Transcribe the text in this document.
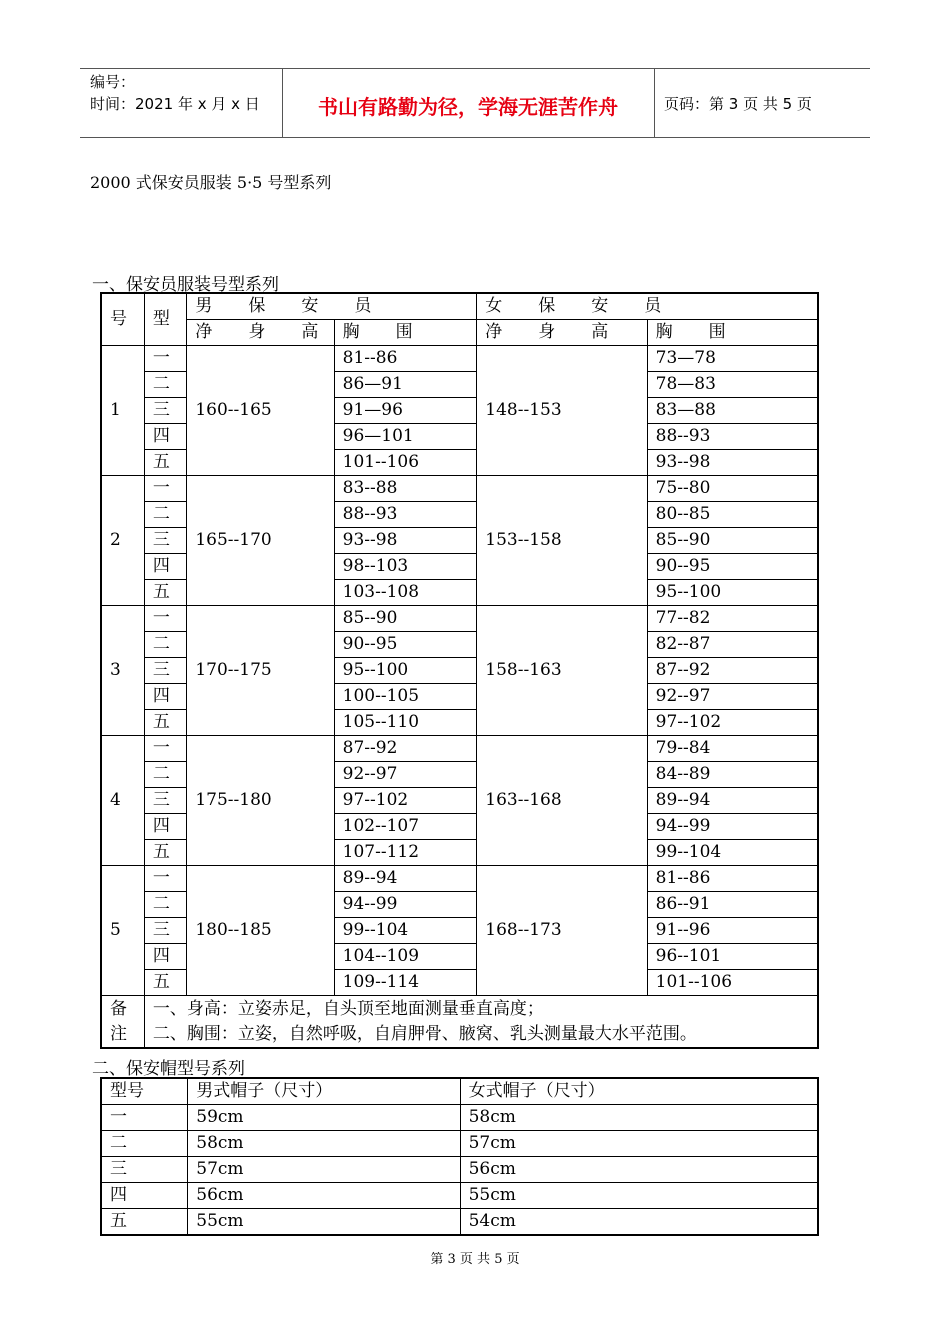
编号：
时间：2021 年 x 月 x 日	书山有路勤为径，学海无涯苦作舟	页码：第 3 页 共 5 页
2000 式保安员服装 5·5 号型系列
一、保安员服装号型系列
号	型	男 保 安 员		女 保 安 员	
		净 身 高	胸 围	净 身 高	胸 围
1	一	160--165	81--86	148--153	73—78
	二		86—91		78—83
	三		91—96		83—88
	四		96—101		88--93
	五		101--106		93--98
2	一	165--170	83--88	153--158	75--80
	二		88--93		80--85
	三		93--98		85--90
	四		98--103		90--95
	五		103--108		95--100
3	一	170--175	85--90	158--163	77--82
	二		90--95		82--87
	三		95--100		87--92
	四		100--105		92--97
	五		105--110		97--102
4	一	175--180	87--92	163--168	79--84
	二		92--97		84--89
	三		97--102		89--94
	四		102--107		94--99
	五		107--112		99--104
5	一	180--185	89--94	168--173	81--86
	二		94--99		86--91
	三		99--104		91--96
	四		104--109		96--101
	五		109--114		101--106
备注	一、身高：立姿赤足，自头顶至地面测量垂直高度；
二、胸围：立姿，自然呼吸，自肩胛骨、腋窝、乳头测量最大水平范围。				
二、保安帽型号系列
型号	男式帽子（尺寸）	女式帽子（尺寸）
一	59cm	58cm
二	58cm	57cm
三	57cm	56cm
四	56cm	55cm
五	55cm	54cm
第 3 页 共 5 页
